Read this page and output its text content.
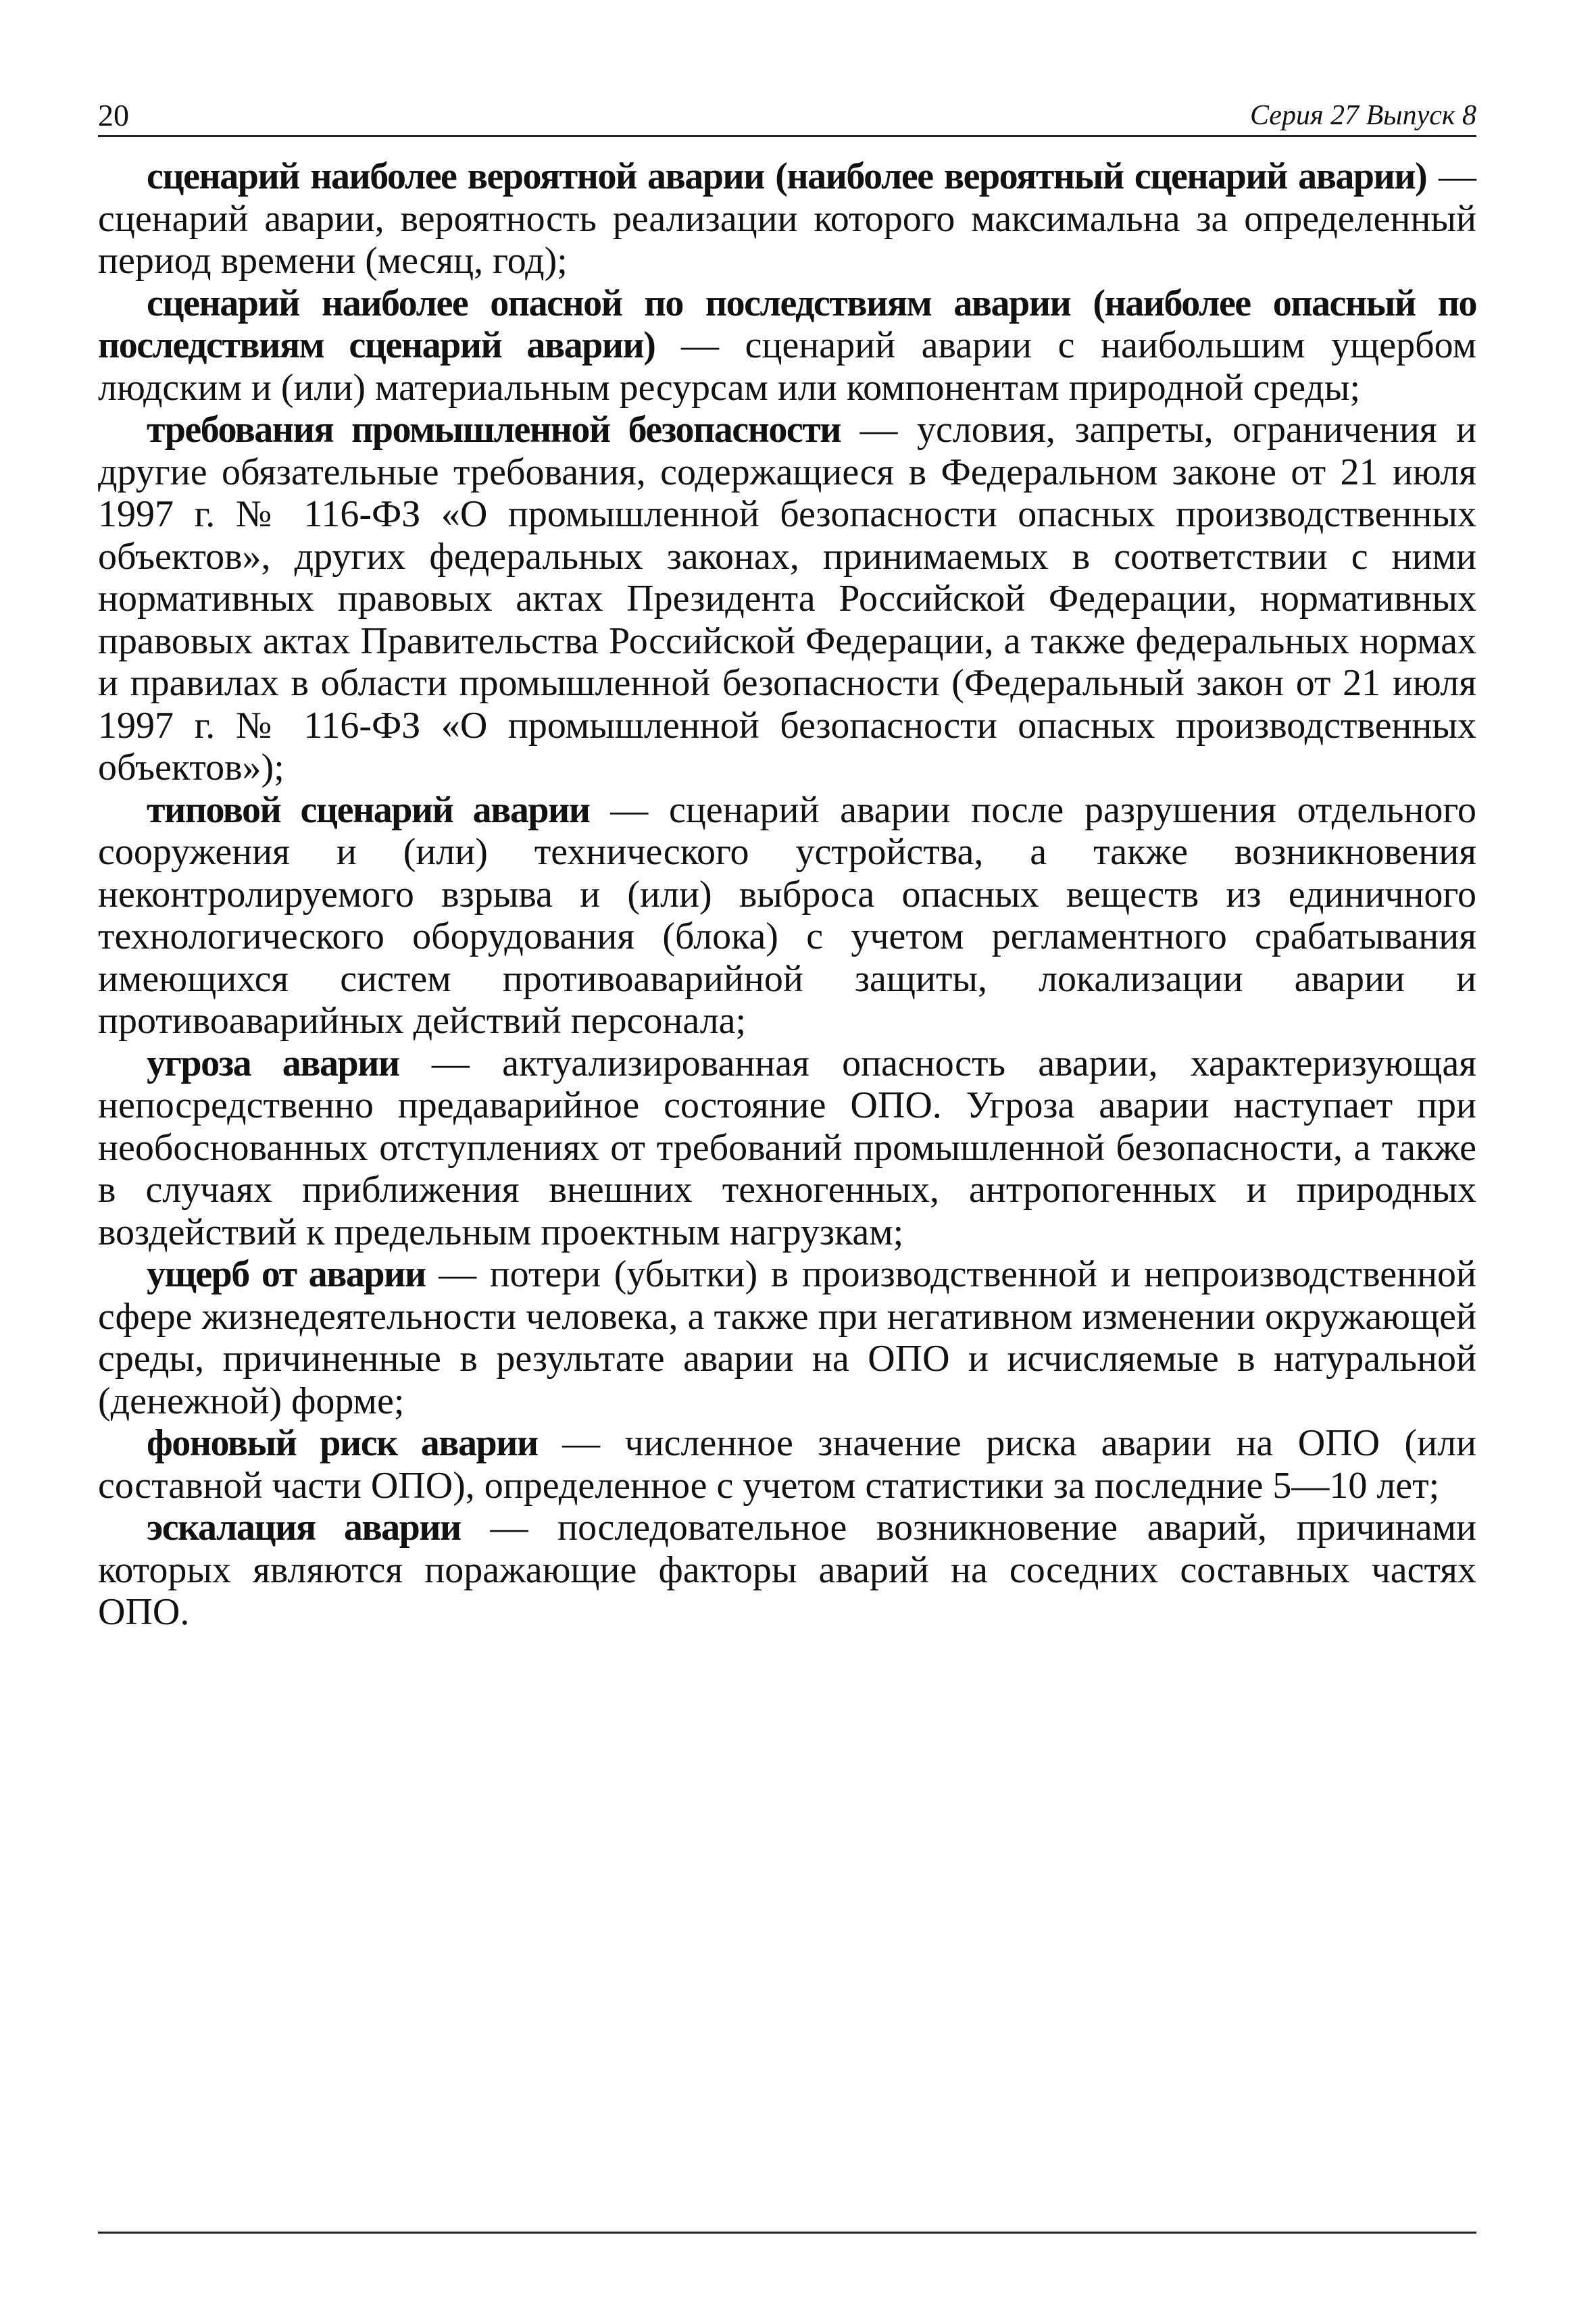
20	Серия 27 Выпуск 8

сценарий наиболее вероятной аварии (наиболее вероятный сценарий аварии) — сценарий аварии, вероятность реализации которого максимальна за определенный период времени (месяц, год);

сценарий наиболее опасной по последствиям аварии (наиболее опасный по последствиям сценарий аварии) — сценарий аварии с наибольшим ущербом людским и (или) материальным ресурсам или компонентам природной среды;

требования промышленной безопасности — условия, запреты, ограничения и другие обязательные требования, содержащиеся в Федеральном законе от 21 июля 1997 г. № 116-ФЗ «О промышленной безопасности опасных производственных объектов», других федеральных законах, принимаемых в соответствии с ними нормативных правовых актах Президента Российской Федерации, нормативных правовых актах Правительства Российской Федерации, а также федеральных нормах и правилах в области промышленной безопасности (Федеральный закон от 21 июля 1997 г. № 116-ФЗ «О промышленной безопасности опасных производственных объектов»);

типовой сценарий аварии — сценарий аварии после разрушения отдельного сооружения и (или) технического устройства, а также возникновения неконтролируемого взрыва и (или) выброса опасных веществ из единичного технологического оборудования (блока) с учетом регламентного срабатывания имеющихся систем противоаварийной защиты, локализации аварии и противоаварийных действий персонала;

угроза аварии — актуализированная опасность аварии, характеризующая непосредственно предаварийное состояние ОПО. Угроза аварии наступает при необоснованных отступлениях от требований промышленной безопасности, а также в случаях приближения внешних техногенных, антропогенных и природных воздействий к предельным проектным нагрузкам;

ущерб от аварии — потери (убытки) в производственной и непроизводственной сфере жизнедеятельности человека, а также при негативном изменении окружающей среды, причиненные в результате аварии на ОПО и исчисляемые в натуральной (денежной) форме;

фоновый риск аварии — численное значение риска аварии на ОПО (или составной части ОПО), определенное с учетом статистики за последние 5—10 лет;

эскалация аварии — последовательное возникновение аварий, причинами которых являются поражающие факторы аварий на соседних составных частях ОПО.
